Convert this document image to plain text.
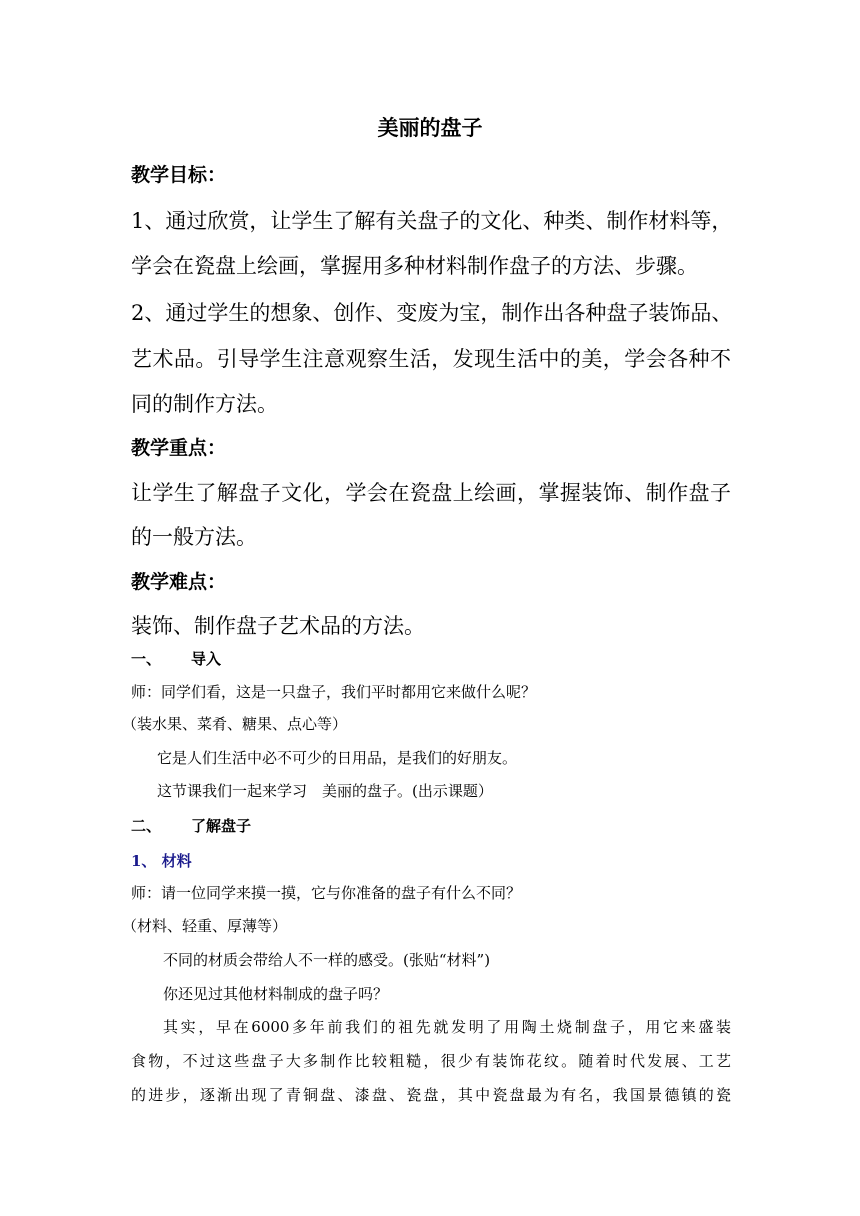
美丽的盘子
教学目标：
1、通过欣赏，让学生了解有关盘子的文化、种类、制作材料等，
学会在瓷盘上绘画，掌握用多种材料制作盘子的方法、步骤。
2、通过学生的想象、创作、变废为宝，制作出各种盘子装饰品、
艺术品。引导学生注意观察生活，发现生活中的美，学会各种不
同的制作方法。
教学重点：
让学生了解盘子文化，学会在瓷盘上绘画，掌握装饰、制作盘子
的一般方法。
教学难点：
装饰、制作盘子艺术品的方法。
一、 导入
师：同学们看，这是一只盘子，我们平时都用它来做什么呢？
（装水果、菜肴、糖果、点心等）
它是人们生活中必不可少的日用品，是我们的好朋友。
这节课我们一起来学习　美丽的盘子。(出示课题）
二、 了解盘子
1、 材料
师：请一位同学来摸一摸，它与你准备的盘子有什么不同？
（材料、轻重、厚薄等）
不同的材质会带给人不一样的感受。(张贴“材料”)
你还见过其他材料制成的盘子吗？
其实，早在6000多年前我们的祖先就发明了用陶土烧制盘子，用它来盛装
食物，不过这些盘子大多制作比较粗糙，很少有装饰花纹。随着时代发展、工艺
的进步，逐渐出现了青铜盘、漆盘、瓷盘，其中瓷盘最为有名，我国景德镇的瓷
